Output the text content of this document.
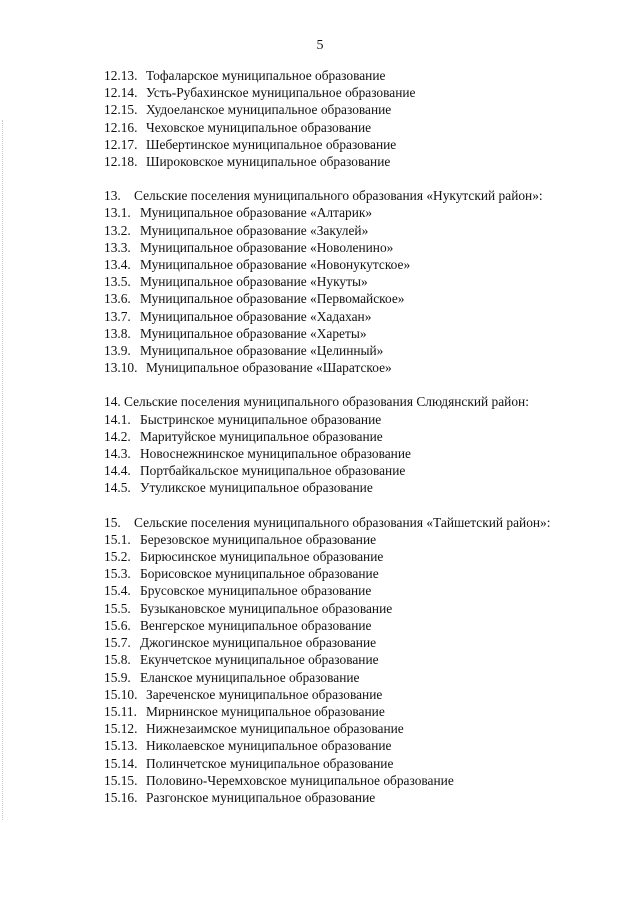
5
12.13. Тофаларское муниципальное образование
12.14. Усть-Рубахинское муниципальное образование
12.15. Худоеланское муниципальное образование
12.16. Чеховское муниципальное образование
12.17. Шебертинское муниципальное образование
12.18. Широковское муниципальное образование
13. Сельские поселения муниципального образования «Нукутский район»:
13.1. Муниципальное образование «Алтарик»
13.2. Муниципальное образование «Закулей»
13.3. Муниципальное образование «Новоленино»
13.4. Муниципальное образование «Новонукутское»
13.5. Муниципальное образование «Нукуты»
13.6. Муниципальное образование «Первомайское»
13.7. Муниципальное образование «Хадахан»
13.8. Муниципальное образование «Хареты»
13.9. Муниципальное образование «Целинный»
13.10. Муниципальное образование «Шаратское»
14. Сельские поселения муниципального образования Слюдянский район:
14.1. Быстринское муниципальное образование
14.2. Маритуйское муниципальное образование
14.3. Новоснежнинское муниципальное образование
14.4. Портбайкальское муниципальное образование
14.5. Утуликское муниципальное образование
15. Сельские поселения муниципального образования «Тайшетский район»:
15.1. Березовское муниципальное образование
15.2. Бирюсинское муниципальное образование
15.3. Борисовское муниципальное образование
15.4. Брусовское муниципальное образование
15.5. Бузыкановское муниципальное образование
15.6. Венгерское муниципальное образование
15.7. Джогинское муниципальное образование
15.8. Екунчетское муниципальное образование
15.9. Еланское муниципальное образование
15.10. Зареченское муниципальное образование
15.11. Мирнинское муниципальное образование
15.12. Нижнезаимское муниципальное образование
15.13. Николаевское муниципальное образование
15.14. Полинчетское муниципальное образование
15.15. Половино-Черемховское муниципальное образование
15.16. Разгонское муниципальное образование
